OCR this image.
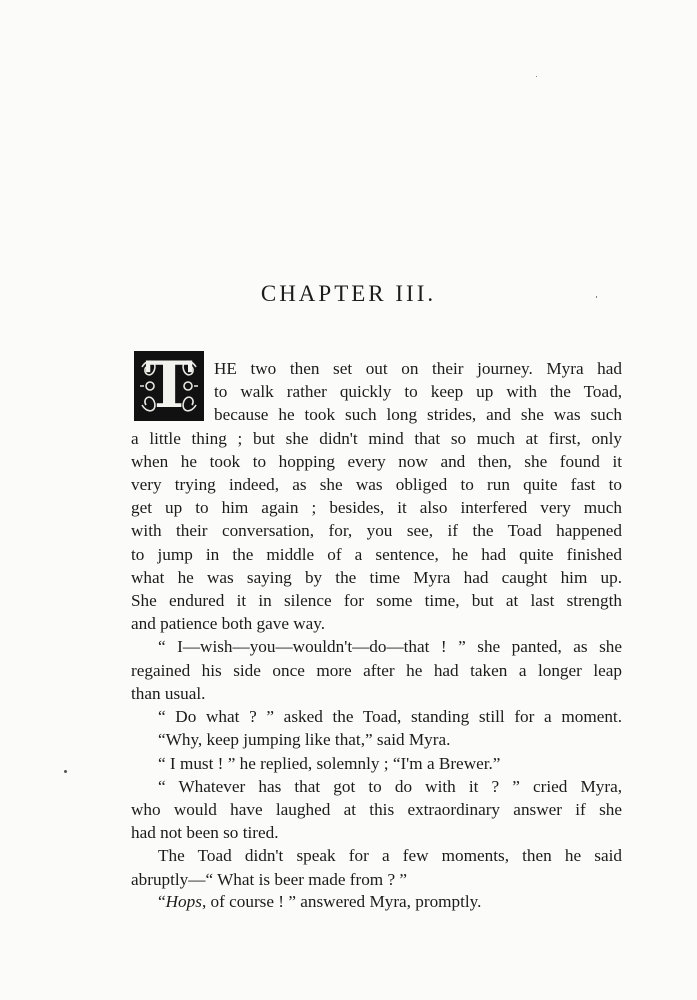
CHAPTER III.
T HE two then set out on their journey. Myra had
to walk rather quickly to keep up with the Toad,
because he took such long strides, and she was such
a little thing ; but she didn't mind that so much at first, only
when he took to hopping every now and then, she found it
very trying indeed, as she was obliged to run quite fast to
get up to him again ; besides, it also interfered very much
with their conversation, for, you see, if the Toad happened
to jump in the middle of a sentence, he had quite finished
what he was saying by the time Myra had caught him up.
She endured it in silence for some time, but at last strength
and patience both gave way.
“ I—wish—you—wouldn't—do—that ! ” she panted, as she
regained his side once more after he had taken a longer leap
than usual.
“ Do what ? ” asked the Toad, standing still for a moment.
“Why, keep jumping like that,” said Myra.
“ I must ! ” he replied, solemnly ; “I'm a Brewer.”
“ Whatever has that got to do with it ? ” cried Myra,
who would have laughed at this extraordinary answer if she
had not been so tired.
The Toad didn't speak for a few moments, then he said
abruptly—“ What is beer made from ? ”
“Hops, of course ! ” answered Myra, promptly.
